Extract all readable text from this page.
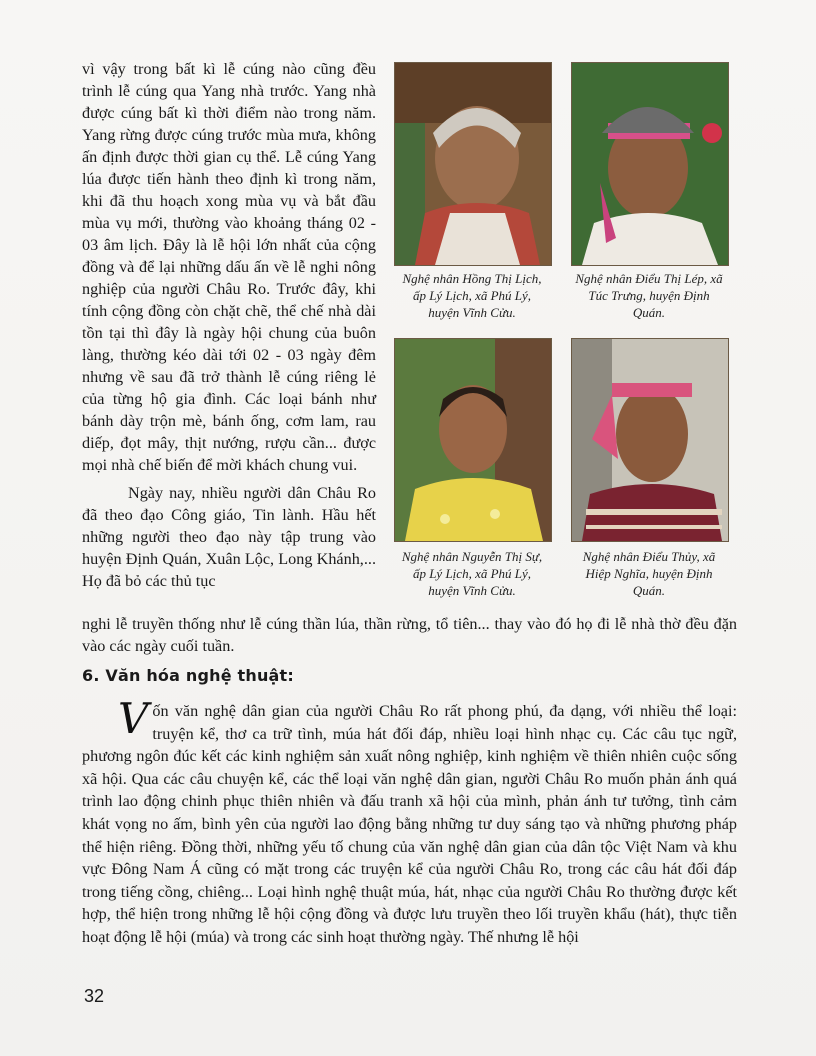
vì vậy trong bất kì lễ cúng nào cũng đều trình lễ cúng qua Yang nhà trước. Yang nhà được cúng bất kì thời điểm nào trong năm. Yang rừng được cúng trước mùa mưa, không ấn định được thời gian cụ thể. Lễ cúng Yang lúa được tiến hành theo định kì trong năm, khi đã thu hoạch xong mùa vụ và bắt đầu mùa vụ mới, thường vào khoảng tháng 02 - 03 âm lịch. Đây là lễ hội lớn nhất của cộng đồng và để lại những dấu ấn về lễ nghi nông nghiệp của người Châu Ro. Trước đây, khi tính cộng đồng còn chặt chẽ, thể chế nhà dài tồn tại thì đây là ngày hội chung của buôn làng, thường kéo dài tới 02 - 03 ngày đêm nhưng về sau đã trở thành lễ cúng riêng lẻ của từng hộ gia đình. Các loại bánh như bánh dày trộn mè, bánh ống, cơm lam, rau diếp, đọt mây, thịt nướng, rượu cần... được mọi nhà chế biến để mời khách chung vui.

Ngày nay, nhiều người dân Châu Ro đã theo đạo Công giáo, Tin lành. Hầu hết những người theo đạo này tập trung vào huyện Định Quán, Xuân Lộc, Long Khánh,... Họ đã bỏ các thủ tục

Nghệ nhân Hồng Thị Lịch, ấp Lý Lịch, xã Phú Lý, huyện Vĩnh Cửu.
Nghệ nhân Điểu Thị Lép, xã Túc Trưng, huyện Định Quán.
Nghệ nhân Nguyễn Thị Sự, ấp Lý Lịch, xã Phú Lý, huyện Vĩnh Cửu.
Nghệ nhân Điểu Thủy, xã Hiệp Nghĩa, huyện Định Quán.
nghi lễ truyền thống như lễ cúng thần lúa, thần rừng, tổ tiên... thay vào đó họ đi lễ nhà thờ đều đặn vào các ngày cuối tuần.
6. Văn hóa nghệ thuật:
V ốn văn nghệ dân gian của người Châu Ro rất phong phú, đa dạng, với nhiều thể loại: truyện kể, thơ ca trữ tình, múa hát đối đáp, nhiều loại hình nhạc cụ. Các câu tục ngữ, phương ngôn đúc kết các kinh nghiệm sản xuất nông nghiệp, kinh nghiệm về thiên nhiên cuộc sống xã hội. Qua các câu chuyện kể, các thể loại văn nghệ dân gian, người Châu Ro muốn phản ánh quá trình lao động chinh phục thiên nhiên và đấu tranh xã hội của mình, phản ánh tư tưởng, tình cảm khát vọng no ấm, bình yên của người lao động bằng những tư duy sáng tạo và những phương pháp thể hiện riêng. Đồng thời, những yếu tố chung của văn nghệ dân gian của dân tộc Việt Nam và khu vực Đông Nam Á cũng có mặt trong các truyện kể của người Châu Ro, trong các câu hát đối đáp trong tiếng cồng, chiêng... Loại hình nghệ thuật múa, hát, nhạc của người Châu Ro thường được kết hợp, thể hiện trong những lễ hội cộng đồng và được lưu truyền theo lối truyền khẩu (hát), thực tiễn hoạt động lễ hội (múa) và trong các sinh hoạt thường ngày. Thế nhưng lễ hội
32
